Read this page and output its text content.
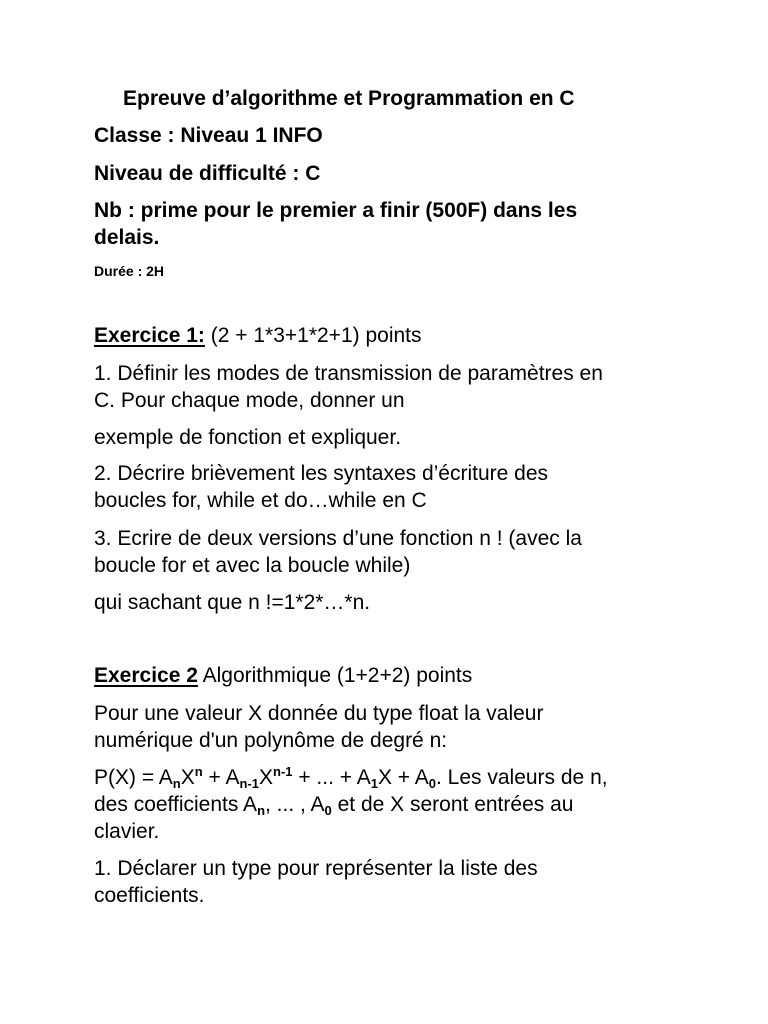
Epreuve d’algorithme et Programmation en C

Classe : Niveau 1 INFO

Niveau de difficulté : C

Nb : prime pour le premier a finir (500F) dans les

delais.

Durée : 2H

Exercice 1: (2 + 1*3+1*2+1) points

1. Définir les modes de transmission de paramètres en

C. Pour chaque mode, donner un

exemple de fonction et expliquer.

2. Décrire brièvement les syntaxes d’écriture des

boucles for, while et do…while en C

3. Ecrire de deux versions d’une fonction n ! (avec la

boucle for et avec la boucle while)

qui sachant que n !=1*2*…*n.

Exercice 2 Algorithmique (1+2+2) points

Pour une valeur X donnée du type float la valeur

numérique d'un polynôme de degré n:

$P(X) = A_nX^n + A_{n-1}X^{n-1}$ + ... + $A_1X + A_0$. Les valeurs de n,

des coefficients $A_n$, ... , $A_0$ et de X seront entrées au

clavier.

1. Déclarer un type pour représenter la liste des

coefficients.
